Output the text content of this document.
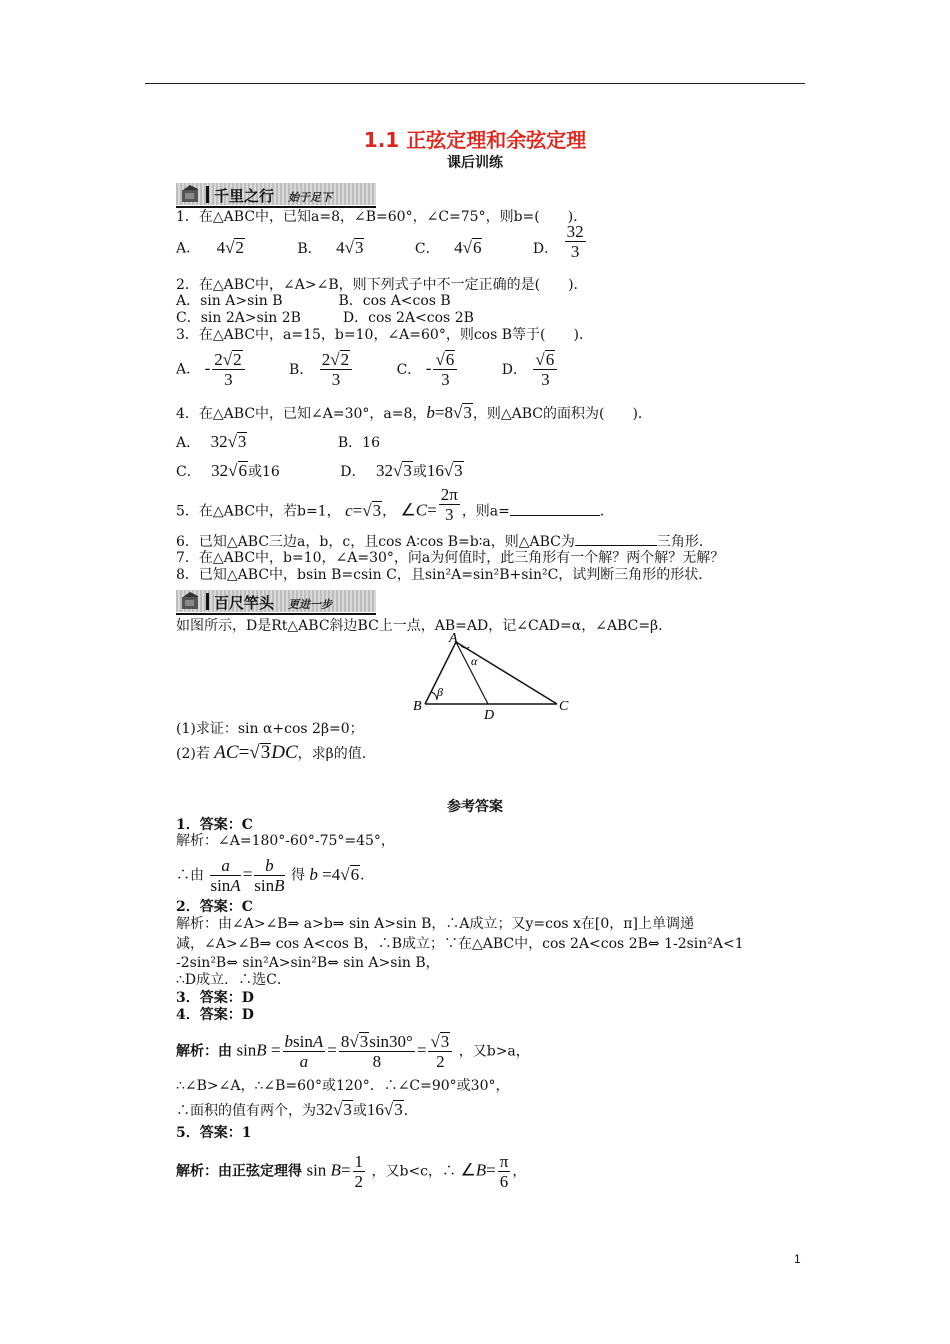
1.1 正弦定理和余弦定理
课后训练
千里之行 始于足下
1．在△ABC中，已知a=8，∠B=60°，∠C=75°，则b=(　　)．
A． 4√2	B． 4√3	C． 4√6	D． $\frac{32}{3}$
2．在△ABC中，∠A>∠B，则下列式子中不一定正确的是(　　)．
A．sin A>sin B　　　　B．cos A<cos B
C．sin 2A>sin 2B　　　D．cos 2A<cos 2B
3．在△ABC中，a=15，b=10，∠A=60°，则cos B等于(　　)．
A． - $\frac{2√2}{3}$	B． $\frac{2√2}{3}$	C． - $\frac{√6}{3}$	D． $\frac{√6}{3}$
4．在△ABC中，已知∠A=30°，a=8，b=8√3，则△ABC的面积为(　　)．
A． 32√3	B．16
C． 32√6或16	D． 32√3或16√3
5．在△ABC中，若b=1， c=√3， ∠C= $\frac{2\pi}{3}$ ，则a=	．
6．已知△ABC三边a，b，c，且cos A∶cos B=b∶a，则△ABC为	三角形．
7．在△ABC中，b=10，∠A=30°，问a为何值时，此三角形有一个解？两个解？无解？
8．已知△ABC中，bsin B=csin C，且sin²A=sin²B+sin²C，试判断三角形的形状．
百尺竿头 更进一步
如图所示，D是Rt△ABC斜边BC上一点，AB=AD，记∠CAD=α，∠ABC=β．
A
B	C
D
α
β
(1)求证：sin α+cos 2β=0；
(2)若 AC=√3DC，求β的值．
参考答案
1．答案：C
解析：∠A=180°-60°-75°=45°，
∴由 $\frac{a}{\sin A} = \frac{b}{\sin B}$ 得 b =4√6．
2．答案：C
解析：由∠A>∠B⇒ a>b⇒ sin A>sin B，∴A成立；又y=cos x在[0，π]上单调递
减，∠A>∠B⇒ cos A<cos B，∴B成立；∵在△ABC中，cos 2A<cos 2B⇔ 1-2sin²A<1
-2sin²B⇔ sin²A>sin²B⇔ sin A>sin B，
∴D成立．∴选C．
3．答案：D
4．答案：D
解析：由 $\sin B = \frac{bsinA}{a} = \frac{8√3\sin 30^\circ}{8} = \frac{√3}{2}$ ，又b>a，
∴∠B>∠A，∴∠B=60°或120°．∴∠C=90°或30°，
∴面积的值有两个，为32√3或16√3．
5．答案：1
解析：由正弦定理得 $\sin B= \frac{1}{2}$ ，又b<c，∴ ∠B= $\frac{\pi}{6}$ ，
1
